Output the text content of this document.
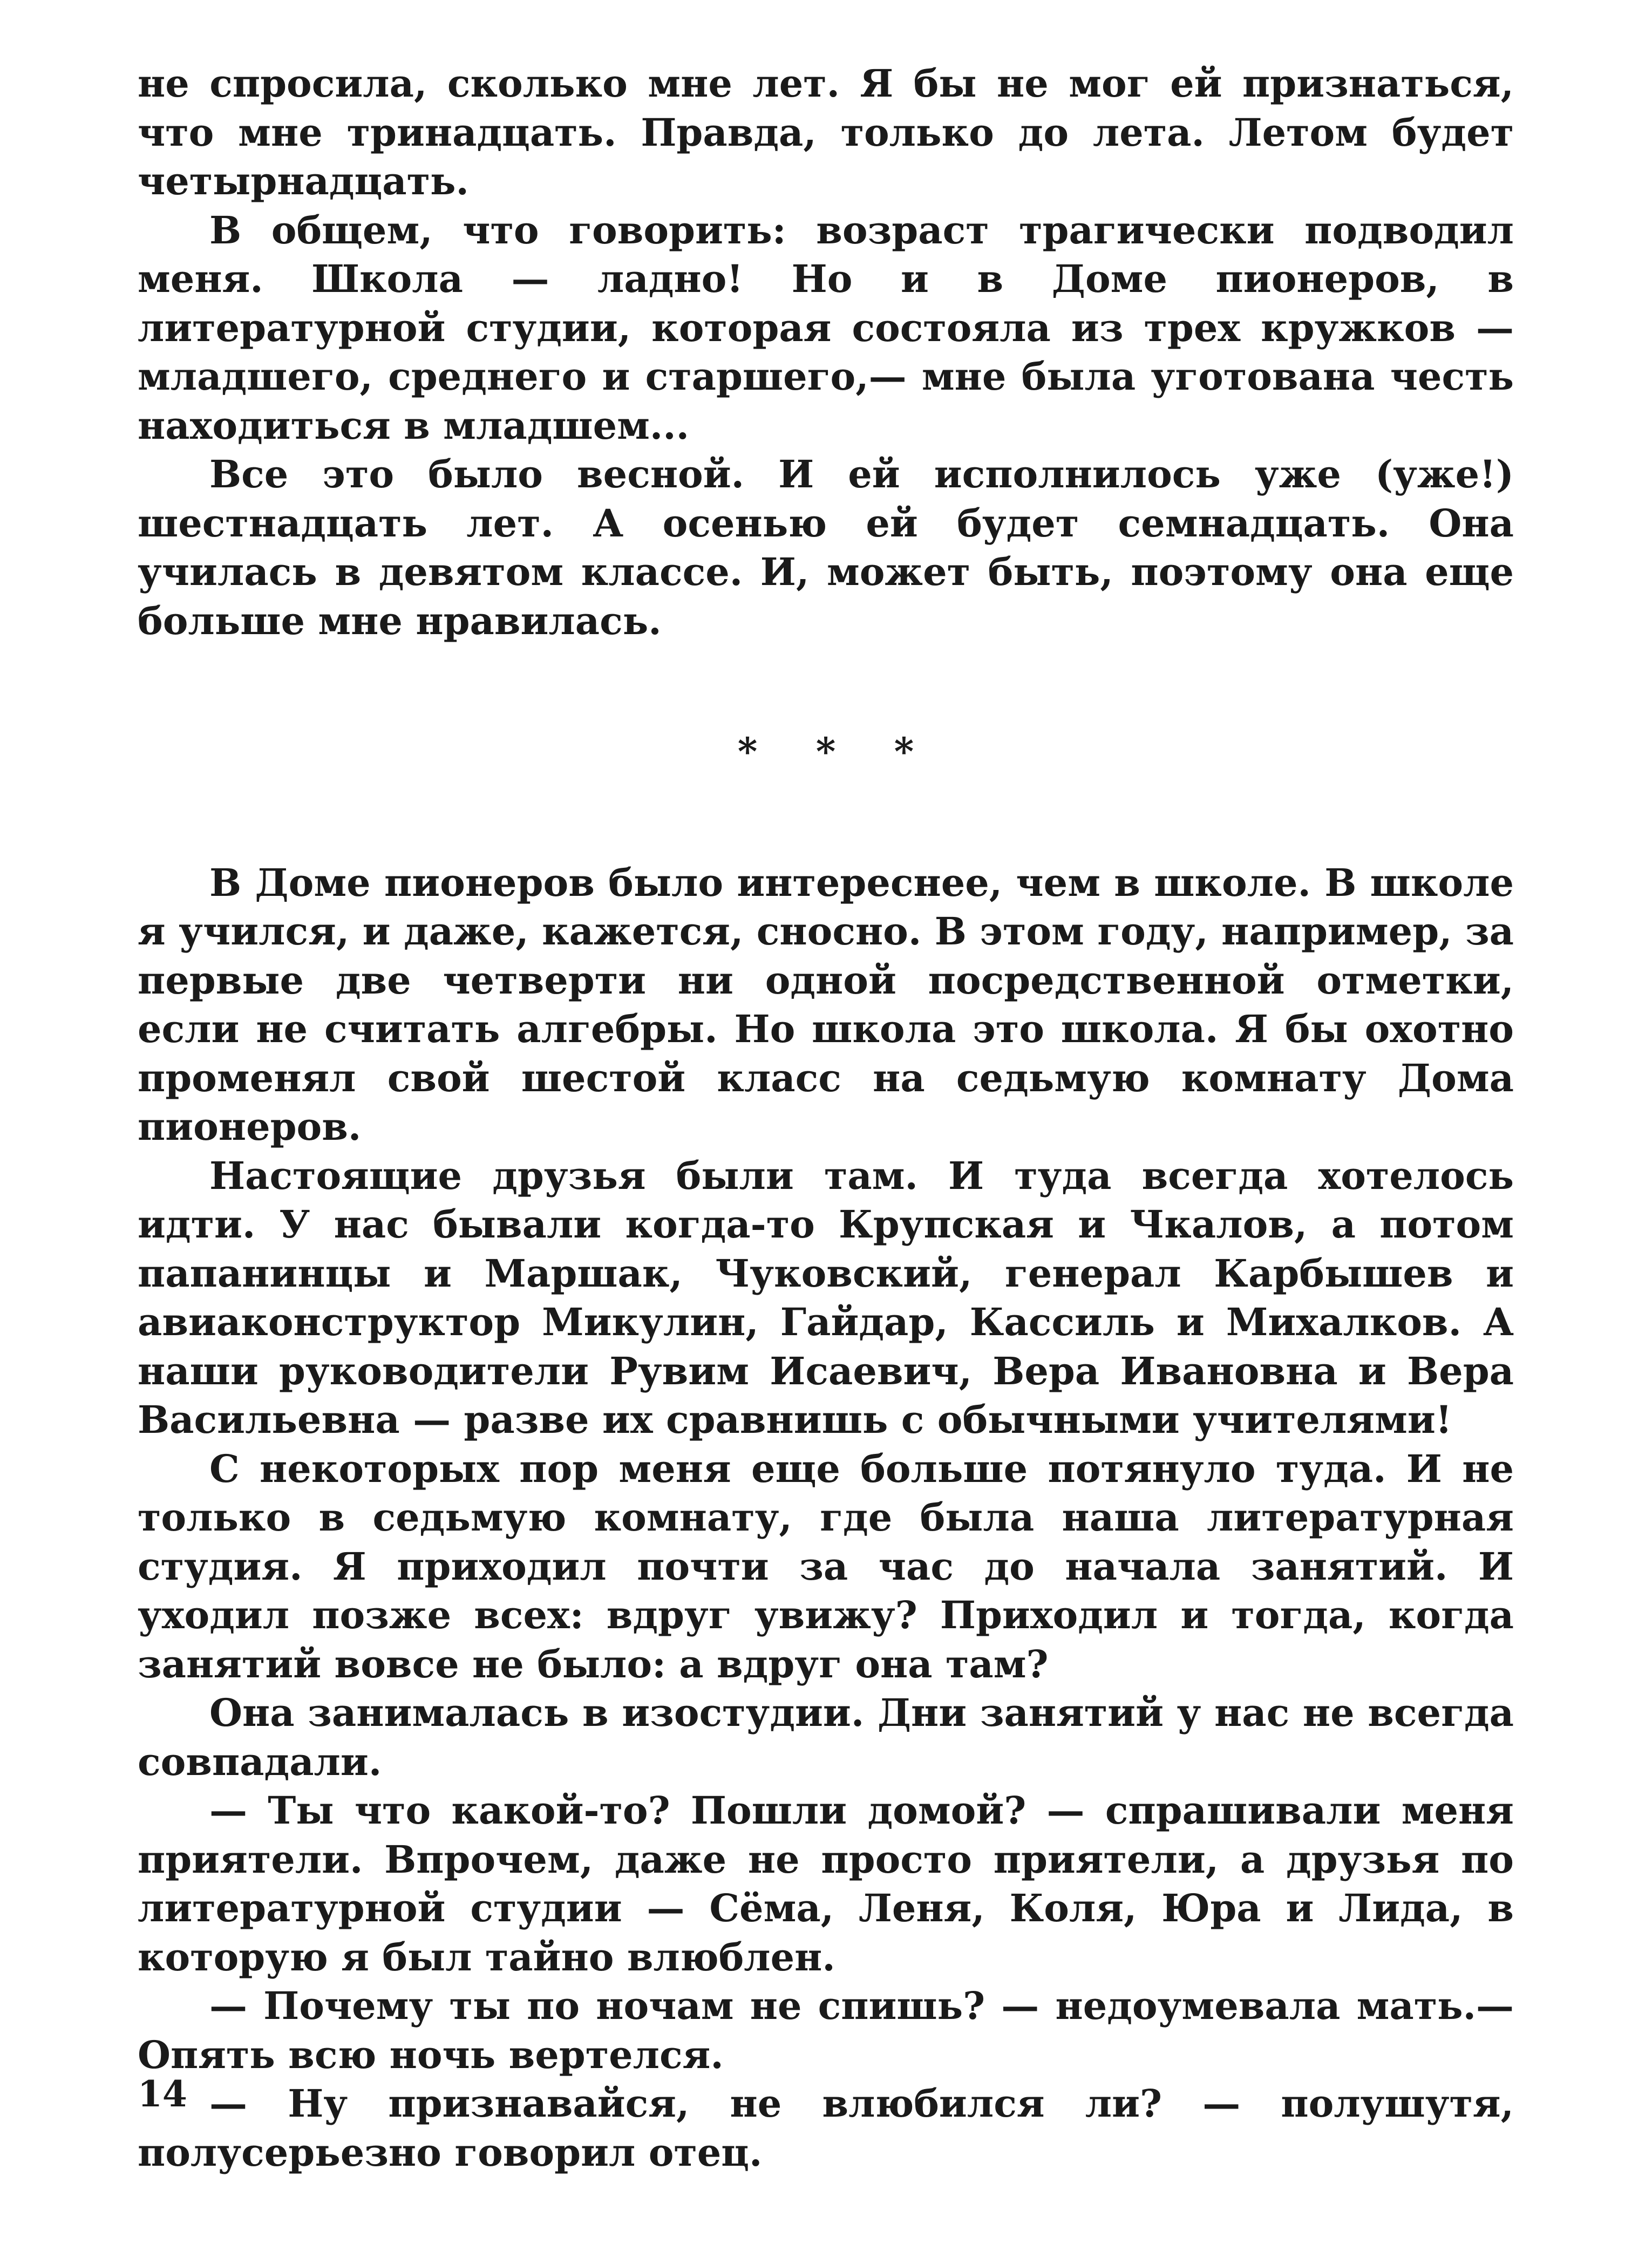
не спросила, сколько мне лет. Я бы не мог ей признаться, что мне тринадцать. Правда, только до лета. Летом будет четырнадцать.

В общем, что говорить: возраст трагически подводил меня. Школа — ладно! Но и в Доме пионеров, в литературной студии, которая состояла из трех кружков — младшего, среднего и старшего,— мне была уготована честь находиться в младшем...

Все это было весной. И ей исполнилось уже (уже!) шестнадцать лет. А осенью ей будет семнадцать. Она училась в девятом классе. И, может быть, поэтому она еще больше мне нравилась.

* * *

В Доме пионеров было интереснее, чем в школе. В школе я учился, и даже, кажется, сносно. В этом году, например, за первые две четверти ни одной посредственной отметки, если не считать алгебры. Но школа это школа. Я бы охотно променял свой шестой класс на седьмую комнату Дома пионеров.

Настоящие друзья были там. И туда всегда хотелось идти. У нас бывали когда-то Крупская и Чкалов, а потом папанинцы и Маршак, Чуковский, генерал Карбышев и авиаконструктор Микулин, Гайдар, Кассиль и Михалков. А наши руководители Рувим Исаевич, Вера Ивановна и Вера Васильевна — разве их сравнишь с обычными учителями!

С некоторых пор меня еще больше потянуло туда. И не только в седьмую комнату, где была наша литературная студия. Я приходил почти за час до начала занятий. И уходил позже всех: вдруг увижу? Приходил и тогда, когда занятий вовсе не было: а вдруг она там?

Она занималась в изостудии. Дни занятий у нас не всегда совпадали.

— Ты что какой-то? Пошли домой? — спрашивали меня приятели. Впрочем, даже не просто приятели, а друзья по литературной студии — Сёма, Леня, Коля, Юра и Лида, в которую я был тайно влюблен.

— Почему ты по ночам не спишь? — недоумевала мать.— Опять всю ночь вертелся.

— Ну признавайся, не влюбился ли? — полушутя, полусерьезно говорил отец.

14
